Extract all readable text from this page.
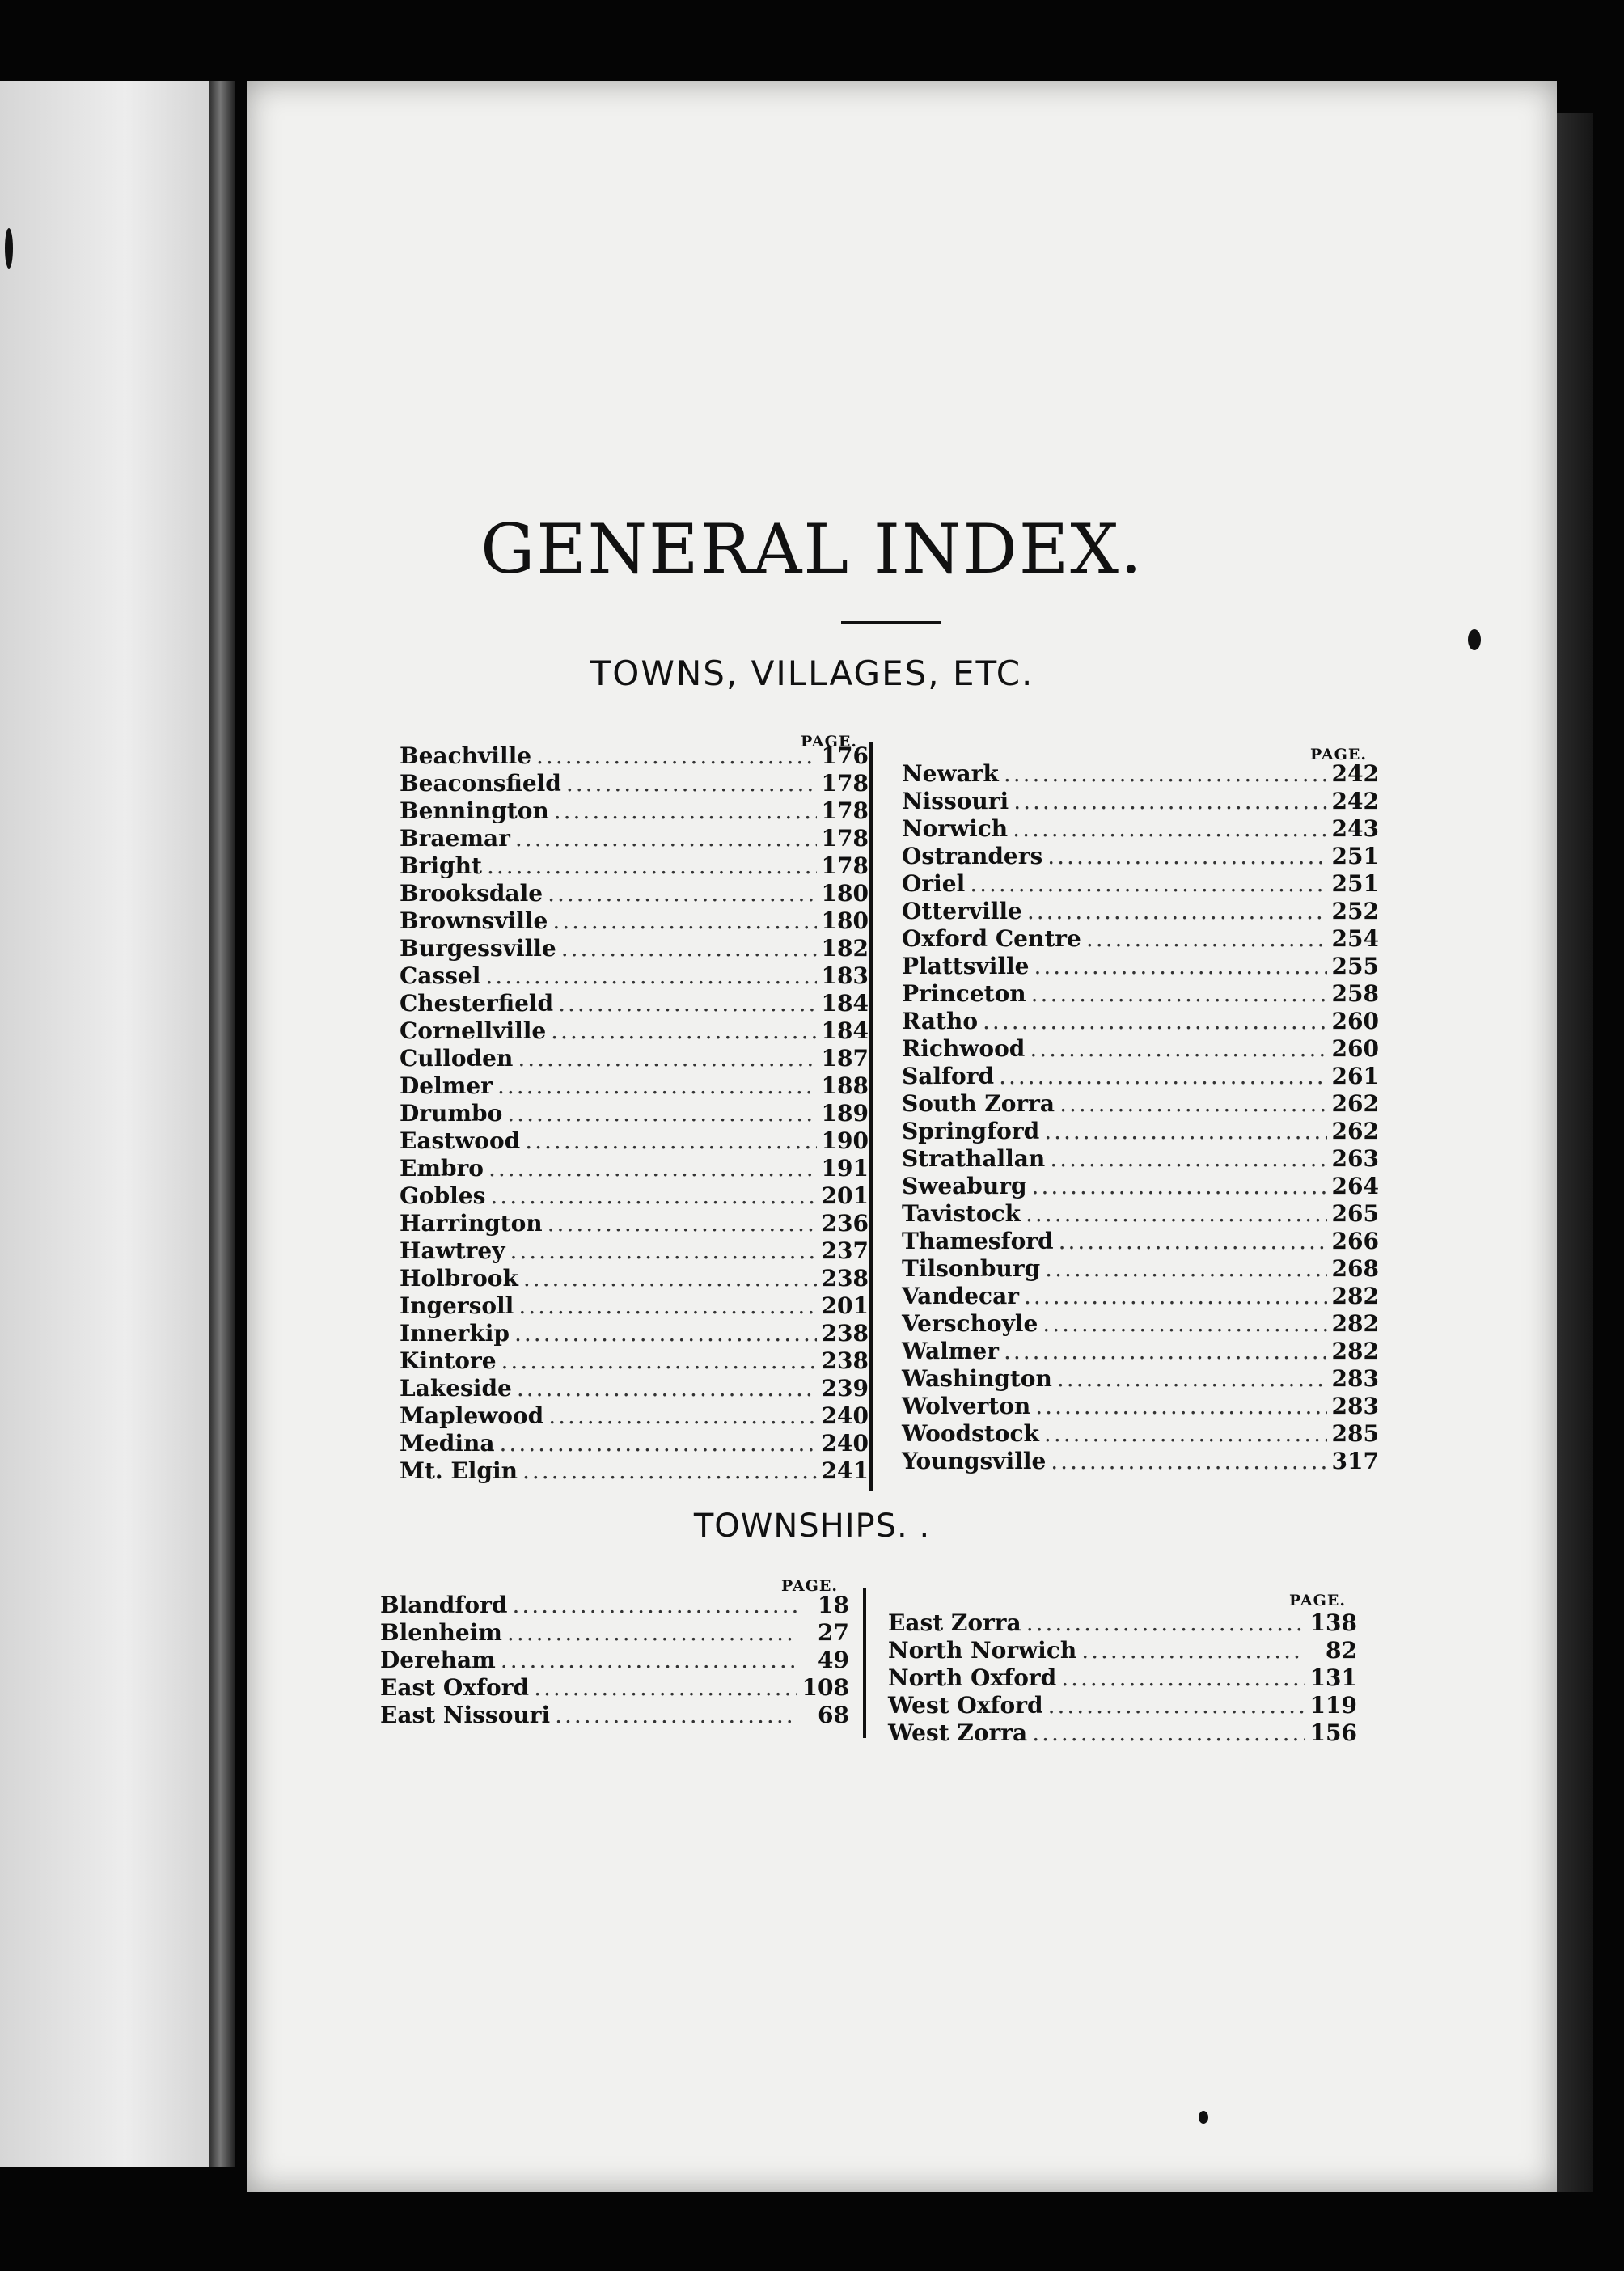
GENERAL INDEX.
TOWNS, VILLAGES, ETC.
PAGE.
PAGE.
Beachville .....	176
Beaconsfield .....	178
Bennington .....	178
Braemar .....	178
Bright .....	178
Brooksdale .....	180
Brownsville .....	180
Burgessville .....	182
Cassel .....	183
Chesterfield .....	184
Cornellville .....	184
Culloden .....	187
Delmer .....	188
Drumbo .....	189
Eastwood .....	190
Embro .....	191
Gobles .....	201
Harrington .....	236
Hawtrey .....	237
Holbrook .....	238
Ingersoll .....	201
Innerkip .....	238
Kintore .....	238
Lakeside .....	239
Maplewood .....	240
Medina .....	240
Mt. Elgin .....	241
Newark .....	242
Nissouri .....	242
Norwich .....	243
Ostranders .....	251
Oriel .....	251
Otterville .....	252
Oxford Centre .....	254
Plattsville .....	255
Princeton .....	258
Ratho .....	260
Richwood .....	260
Salford .....	261
South Zorra .....	262
Springford .....	262
Strathallan .....	263
Sweaburg .....	264
Tavistock .....	265
Thamesford .....	266
Tilsonburg .....	268
Vandecar .....	282
Verschoyle .....	282
Walmer .....	282
Washington .....	283
Wolverton .....	283
Woodstock .....	285
Youngsville .....	317
TOWNSHIPS. .
PAGE.
PAGE.
Blandford .....	18
Blenheim .....	27
Dereham .....	49
East Oxford .....	108
East Nissouri .....	68
East Zorra .....	138
North Norwich .....	82
North Oxford .....	131
West Oxford .....	119
West Zorra .....	156
